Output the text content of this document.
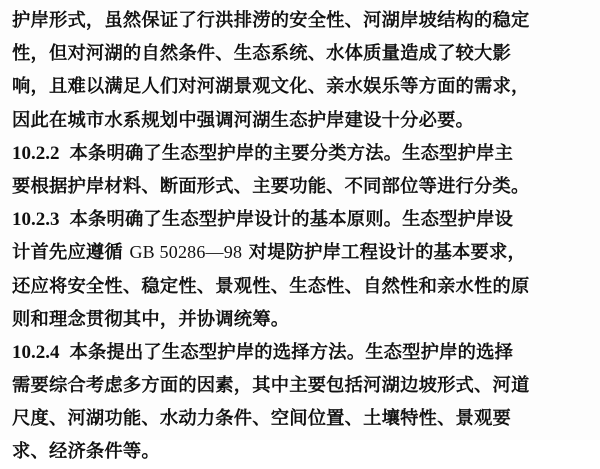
护岸形式，虽然保证了行洪排涝的安全性、河湖岸坡结构的稳定
性，但对河湖的自然条件、生态系统、水体质量造成了较大影
响，且难以满足人们对河湖景观文化、亲水娱乐等方面的需求，
因此在城市水系规划中强调河湖生态护岸建设十分必要。
10.2.2 本条明确了生态型护岸的主要分类方法。生态型护岸主
要根据护岸材料、断面形式、主要功能、不同部位等进行分类。
10.2.3 本条明确了生态型护岸设计的基本原则。生态型护岸设
计首先应遵循 GB 50286—98 对堤防护岸工程设计的基本要求，
还应将安全性、稳定性、景观性、生态性、自然性和亲水性的原
则和理念贯彻其中，并协调统筹。
10.2.4 本条提出了生态型护岸的选择方法。生态型护岸的选择
需要综合考虑多方面的因素，其中主要包括河湖边坡形式、河道
尺度、河湖功能、水动力条件、空间位置、土壤特性、景观要
求、经济条件等。
